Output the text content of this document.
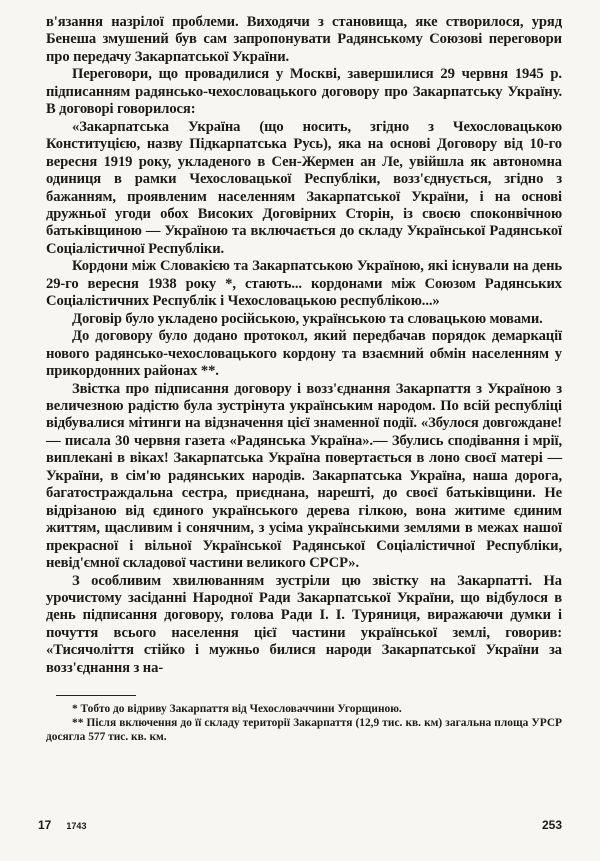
в'язання назрілої проблеми. Виходячи з становища, яке створилося, уряд Бенеша змушений був сам запропонувати Радянському Союзові переговори про передачу Закарпатської України.

Переговори, що провадилися у Москві, завершилися 29 червня 1945 р. підписанням радянсько-чехословацького договору про Закарпатську Україну. В договорі говорилося:

«Закарпатська Україна (що носить, згідно з Чехословацькою Конституцією, назву Підкарпатська Русь), яка на основі Договору від 10-го вересня 1919 року, укладеного в Сен-Жермен ан Ле, увійшла як автономна одиниця в рамки Чехословацької Республіки, возз'єднується, згідно з бажанням, проявленим населенням Закарпатської України, і на основі дружньої угоди обох Високих Договірних Сторін, із своєю споконвічною батьківщиною — Україною та включається до складу Української Радянської Соціалістичної Республіки.

Кордони між Словакією та Закарпатською Україною, які існували на день 29-го вересня 1938 року *, стають... кордонами між Союзом Радянських Соціалістичних Республік і Чехословацькою республікою...»

Договір було укладено російською, українською та словацькою мовами.

До договору було додано протокол, який передбачав порядок демаркації нового радянсько-чехословацького кордону та взаємний обмін населенням у прикордонних районах **.

Звістка про підписання договору і возз'єднання Закарпаття з Україною з величезною радістю була зустрінута українським народом. По всій республіці відбувалися мітинги на відзначення цієї знаменної події. «Збулося довгождане! — писала 30 червня газета «Радянська Україна».— Збулись сподівання і мрії, виплекані в віках! Закарпатська Україна повертається в лоно своєї матері — України, в сім'ю радянських народів. Закарпатська Україна, наша дорога, багатостраждальна сестра, приєднана, нарешті, до своєї батьківщини. Не відрізаною від єдиного українського дерева гілкою, вона житиме єдиним життям, щасливим і сонячним, з усіма українськими землями в межах нашої прекрасної і вільної Української Радянської Соціалістичної Республіки, невід'ємної складової частини великого СРСР».

З особливим хвилюванням зустріли цю звістку на Закарпатті. На урочистому засіданні Народної Ради Закарпатської України, що відбулося в день підписання договору, голова Ради І. І. Туряниця, виражаючи думки і почуття всього населення цієї частини української землі, говорив: «Тисячоліття стійко і мужньо билися народи Закарпатської України за возз'єднання з на-

* Тобто до відриву Закарпаття від Чехословаччини Угорщиною.

** Після включення до її складу території Закарпаття (12,9 тис. кв. км) загальна площа УРСР досягла 577 тис. кв. км.

17 1743	253
